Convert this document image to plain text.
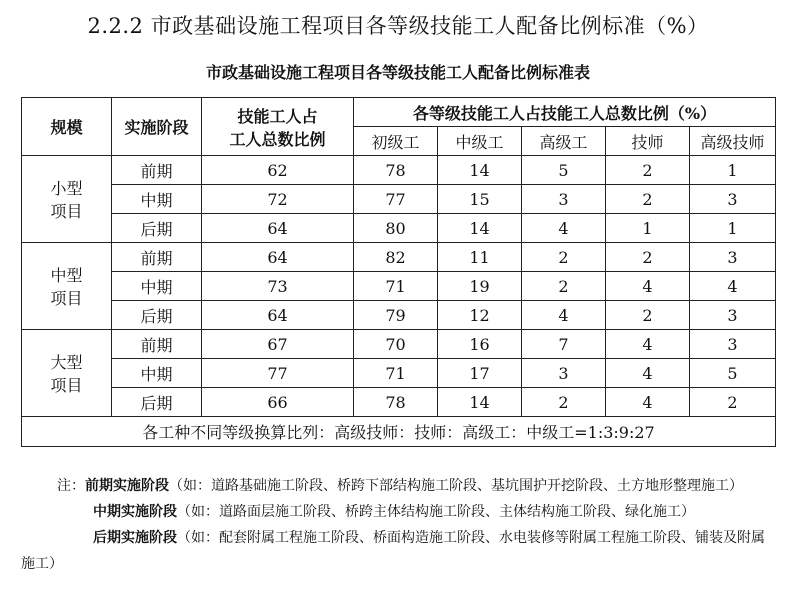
2.2.2 市政基础设施工程项目各等级技能工人配备比例标准（%）
市政基础设施工程项目各等级技能工人配备比例标准表
规模	实施阶段	技能工人占
工人总数比例	各等级技能工人占技能工人总数比例（%）				
			初级工	中级工	高级工	技师	高级技师
小型
项目	前期	62	78	14	5	2	1
	中期	72	77	15	3	2	3
	后期	64	80	14	4	1	1
中型
项目	前期	64	82	11	2	2	3
	中期	73	71	19	2	4	4
	后期	64	79	12	4	2	3
大型
项目	前期	67	70	16	7	4	3
	中期	77	71	17	3	4	5
	后期	66	78	14	2	4	2
各工种不同等级换算比列：高级技师：技师：高级工：中级工=1:3:9:27							

注：前期实施阶段（如：道路基础施工阶段、桥跨下部结构施工阶段、基坑围护开挖阶段、土方地形整理施工）

中期实施阶段（如：道路面层施工阶段、桥跨主体结构施工阶段、主体结构施工阶段、绿化施工）

后期实施阶段（如：配套附属工程施工阶段、桥面构造施工阶段、水电装修等附属工程施工阶段、铺装及附属施工）
